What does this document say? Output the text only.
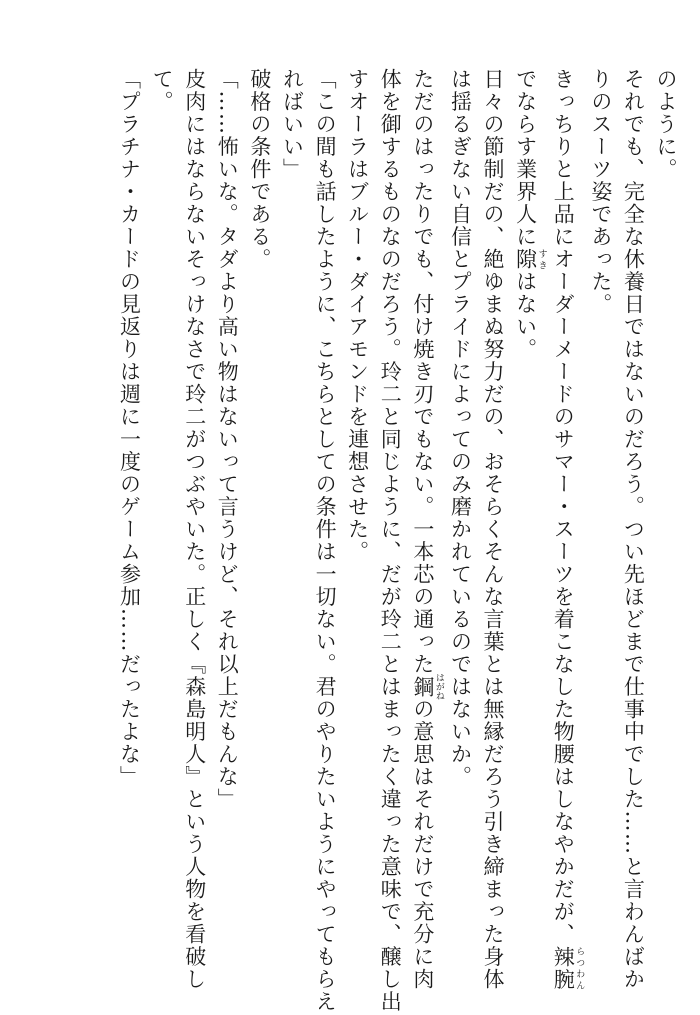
のように。
それでも、完全な休養日ではないのだろう。つい先ほどまで仕事中でした……と言わんばか
りのスーツ姿であった。
きっちりと上品にオーダーメードのサマー・スーツを着こなした物腰はしなやかだが、辣腕 らつわん
でならす業界人に隙 すきはない。
日々の節制だの、絶ゆまぬ努力だの、おそらくそんな言葉とは無縁だろう引き締まった身体
は揺るぎない自信とプライドによってのみ磨かれているのではないか。
ただのはったりでも、付け焼き刃でもない。一本芯の通った鋼 はがねの意思はそれだけで充分に肉
体を御するものなのだろう。玲二と同じように、だが玲二とはまったく違った意味で、醸し出
すオーラはブルー・ダイアモンドを連想させた。
「この間も話したように、こちらとしての条件は一切ない。君のやりたいようにやってもらえ
ればいい」
破格の条件である。
「……怖いな。タダより高い物はないって言うけど、それ以上だもんな」
皮肉にはならないそっけなさで玲二がつぶやいた。正しく『森島明人』という人物を看破し
て。
「プラチナ・カードの見返りは週に一度のゲーム参加……だったよな」
